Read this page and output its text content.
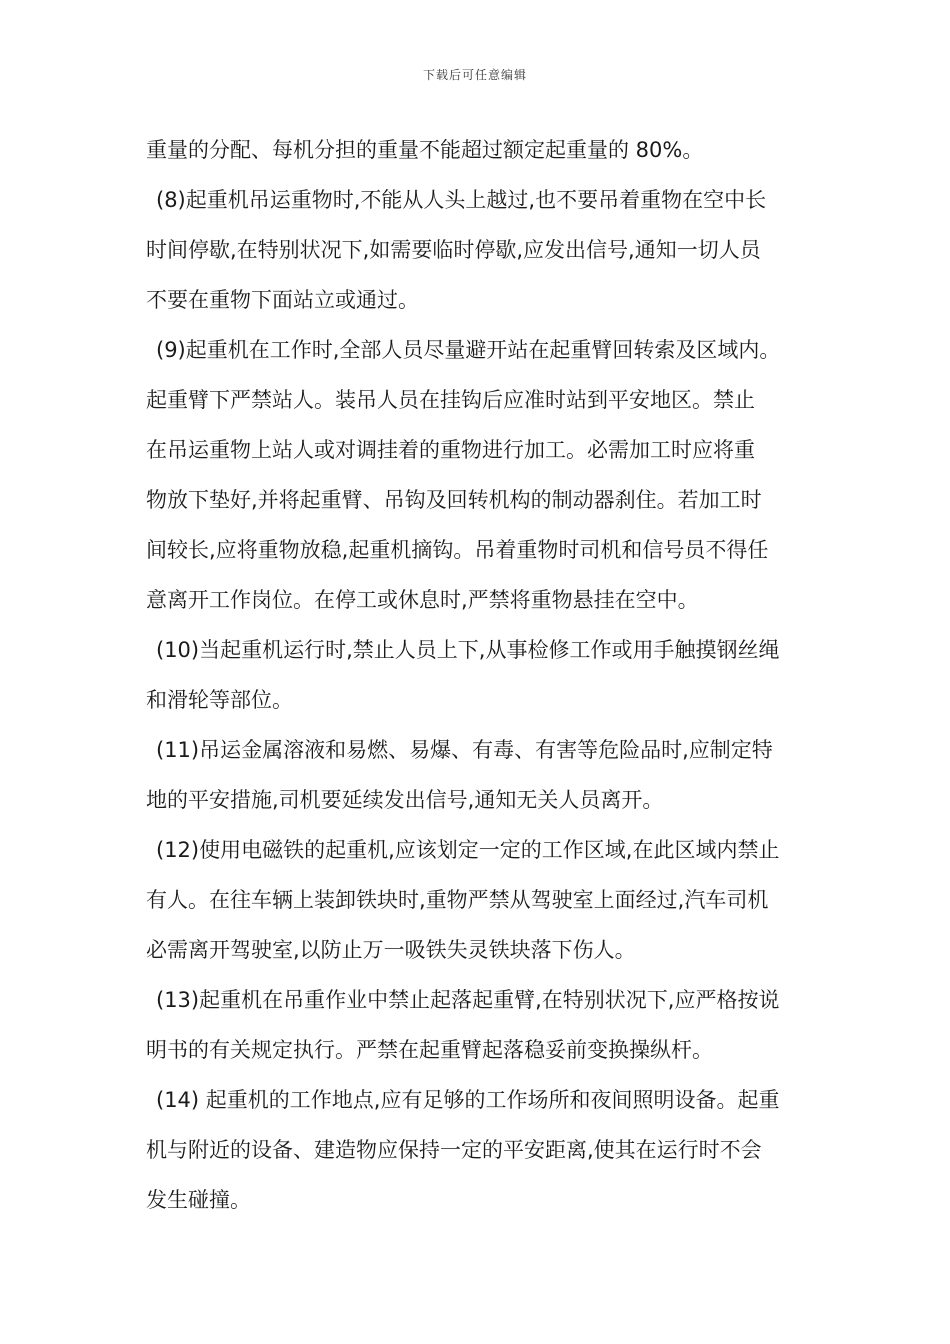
下载后可任意编辑
重量的分配、每机分担的重量不能超过额定起重量的 80%。
(8)起重机吊运重物时,不能从人头上越过,也不要吊着重物在空中长
时间停歇,在特别状况下,如需要临时停歇,应发出信号,通知一切人员
不要在重物下面站立或通过。
(9)起重机在工作时,全部人员尽量避开站在起重臂回转索及区域内。
起重臂下严禁站人。装吊人员在挂钩后应准时站到平安地区。禁止
在吊运重物上站人或对调挂着的重物进行加工。必需加工时应将重
物放下垫好,并将起重臂、吊钩及回转机构的制动器刹住。若加工时
间较长,应将重物放稳,起重机摘钩。吊着重物时司机和信号员不得任
意离开工作岗位。在停工或休息时,严禁将重物悬挂在空中。
(10)当起重机运行时,禁止人员上下,从事检修工作或用手触摸钢丝绳
和滑轮等部位。
(11)吊运金属溶液和易燃、易爆、有毒、有害等危险品时,应制定特
地的平安措施,司机要延续发出信号,通知无关人员离开。
(12)使用电磁铁的起重机,应该划定一定的工作区域,在此区域内禁止
有人。在往车辆上装卸铁块时,重物严禁从驾驶室上面经过,汽车司机
必需离开驾驶室,以防止万一吸铁失灵铁块落下伤人。
(13)起重机在吊重作业中禁止起落起重臂,在特别状况下,应严格按说
明书的有关规定执行。严禁在起重臂起落稳妥前变换操纵杆。
(14) 起重机的工作地点,应有足够的工作场所和夜间照明设备。起重
机与附近的设备、建造物应保持一定的平安距离,使其在运行时不会
发生碰撞。
